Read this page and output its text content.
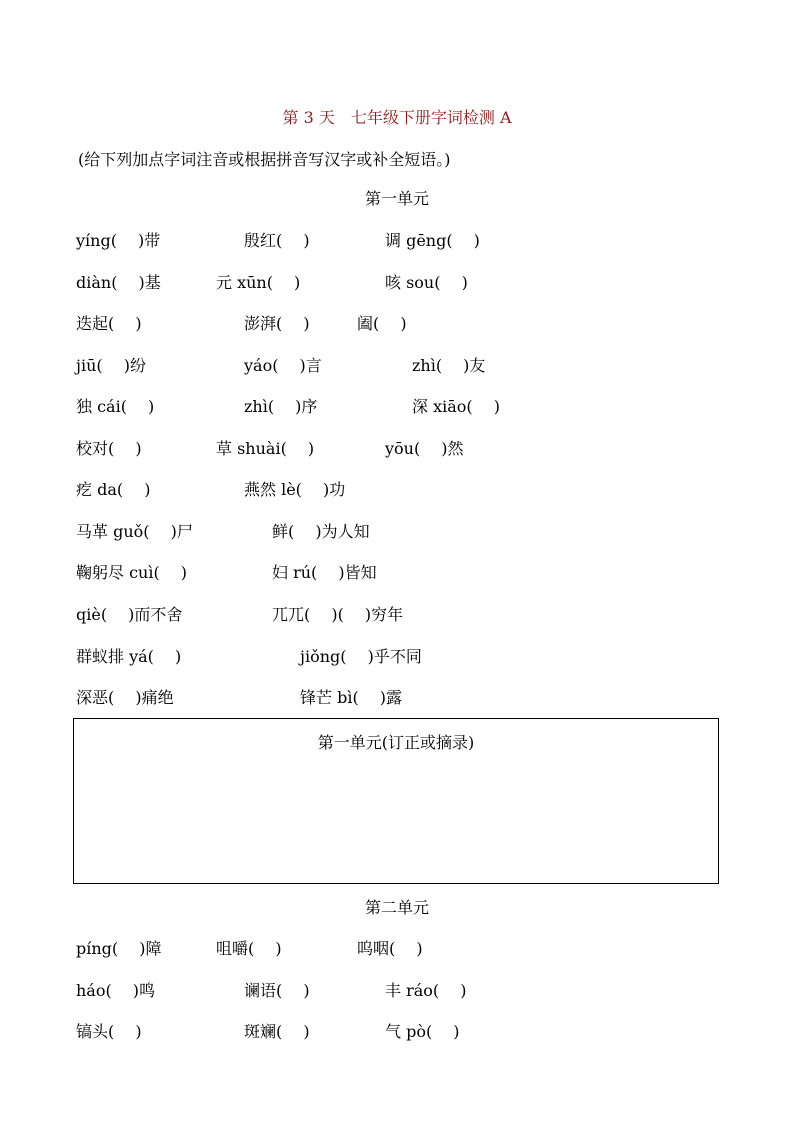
第 3 天　七年级下册字词检测 A
(给下列加点字词注音或根据拼音写汉字或补全短语。)
第一单元
yíng(　 )带	殷红(　 )	调 gēng(　 )
diàn(　 )基	元 xūn(　 )	咳 sou(　 )
迭起(　 )	澎湃(　 )	阖(　 )
jiū(　 )纷	yáo(　 )言	zhì(　 )友
独 cái(　 )	zhì(　 )序	深 xiāo(　 )
校对(　 )	草 shuài(　 )	yōu(　 )然
疙 da(　 )	燕然 lè(　 )功
马革 guǒ(　 )尸	鲜(　 )为人知
鞠躬尽 cuì(　 )	妇 rú(　 )皆知
qiè(　 )而不舍	兀兀(　 )(　 )穷年
群蚁排 yá(　 )	jiǒng(　 )乎不同
深恶(　 )痛绝	锋芒 bì(　 )露
第一单元(订正或摘录)
第二单元
píng(　 )障	咀嚼(　 )	呜咽(　 )
háo(　 )鸣	谰语(　 )	丰 ráo(　 )
镐头(　 )	斑斓(　 )	气 pò(　 )
